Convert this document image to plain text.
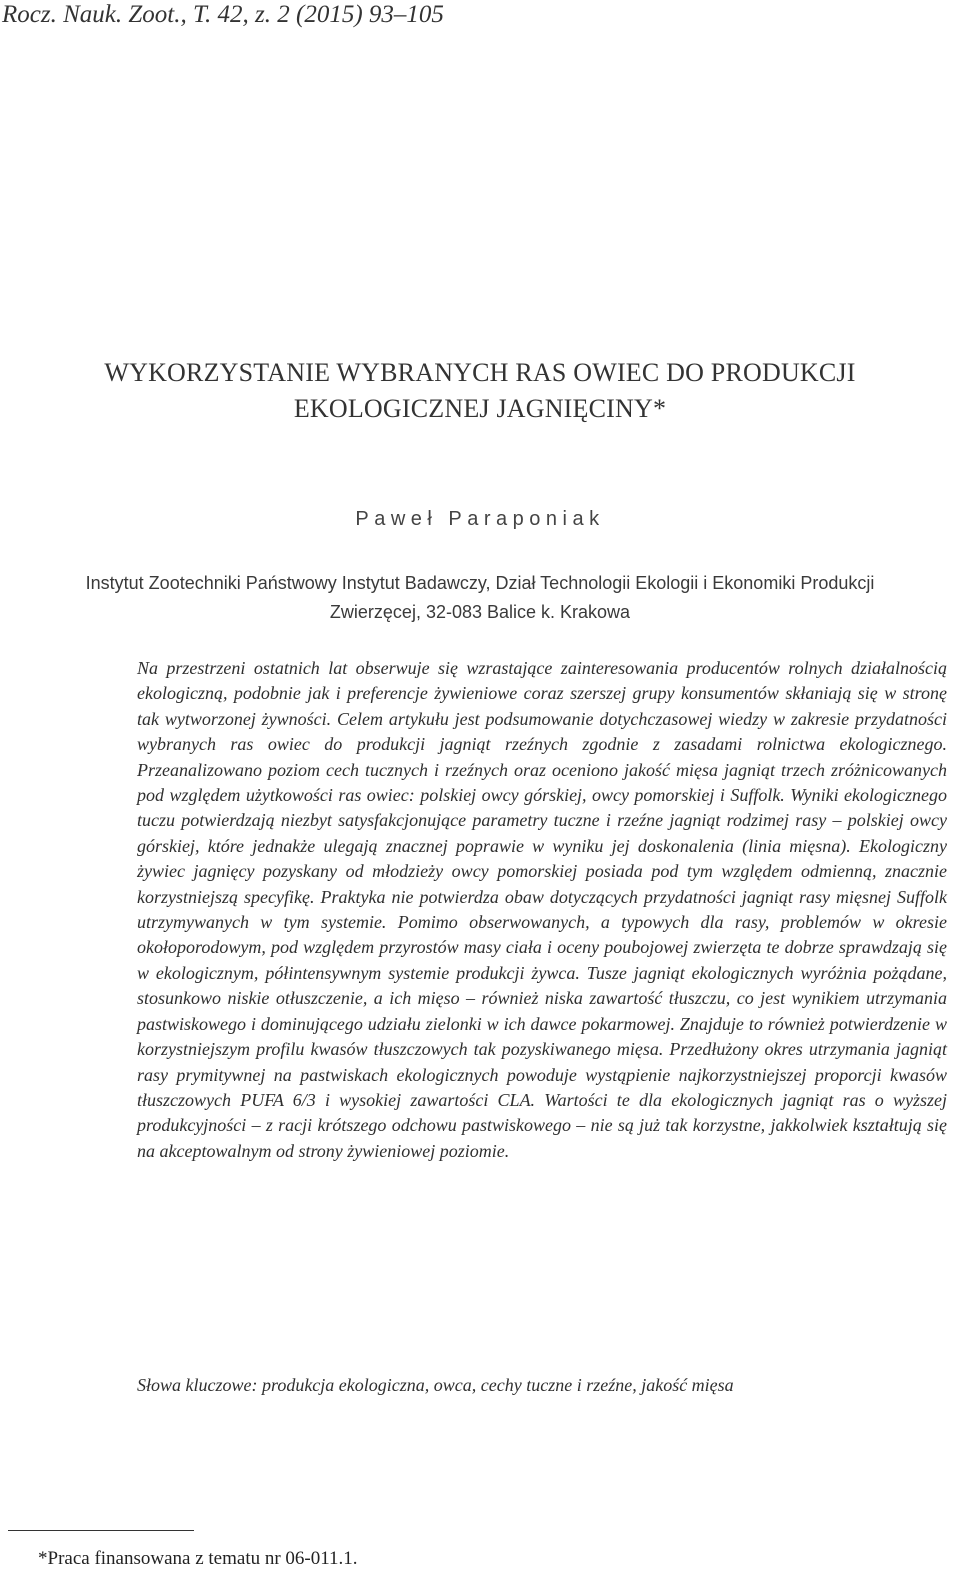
Rocz. Nauk. Zoot., T. 42, z. 2 (2015) 93–105
WYKORZYSTANIE WYBRANYCH RAS OWIEC DO PRODUKCJI
EKOLOGICZNEJ JAGNIĘCINY*
Paweł Paraponiak
Instytut Zootechniki Państwowy Instytut Badawczy, Dział Technologii Ekologii i Ekonomiki Produkcji
Zwierzęcej, 32-083 Balice k. Krakowa
Na przestrzeni ostatnich lat obserwuje się wzrastające zainteresowania producentów rolnych działalnością ekologiczną, podobnie jak i preferencje żywieniowe coraz szerszej grupy konsumentów skłaniają się w stronę tak wytworzonej żywności. Celem artykułu jest podsumowanie dotychczasowej wiedzy w zakresie przydatności wybranych ras owiec do produkcji jagniąt rzeźnych zgodnie z zasadami rolnictwa ekologicznego. Przeanalizowano poziom cech tucznych i rzeźnych oraz oceniono jakość mięsa jagniąt trzech zróżnicowanych pod względem użytkowości ras owiec: polskiej owcy górskiej, owcy pomorskiej i Suffolk. Wyniki ekologicznego tuczu potwierdzają niezbyt satysfakcjonujące parametry tuczne i rzeźne jagniąt rodzimej rasy – polskiej owcy górskiej, które jednakże ulegają znacznej poprawie w wyniku jej doskonalenia (linia mięsna). Ekologiczny żywiec jagnięcy pozyskany od młodzieży owcy pomorskiej posiada pod tym względem odmienną, znacznie korzystniejszą specyfikę. Praktyka nie potwierdza obaw dotyczących przydatności jagniąt rasy mięsnej Suffolk utrzymywanych w tym systemie. Pomimo obserwowanych, a typowych dla rasy, problemów w okresie okołoporodowym, pod względem przyrostów masy ciała i oceny poubojowej zwierzęta te dobrze sprawdzają się w ekologicznym, półintensywnym systemie produkcji żywca. Tusze jagniąt ekologicznych wyróżnia pożądane, stosunkowo niskie otłuszczenie, a ich mięso – również niska zawartość tłuszczu, co jest wynikiem utrzymania pastwiskowego i dominującego udziału zielonki w ich dawce pokarmowej. Znajduje to również potwierdzenie w korzystniejszym profilu kwasów tłuszczowych tak pozyskiwanego mięsa. Przedłużony okres utrzymania jagniąt rasy prymitywnej na pastwiskach ekologicznych powoduje wystąpienie najkorzystniejszej proporcji kwasów tłuszczowych PUFA 6/3 i wysokiej zawartości CLA. Wartości te dla ekologicznych jagniąt ras o wyższej produkcyjności – z racji krótszego odchowu pastwiskowego – nie są już tak korzystne, jakkolwiek kształtują się na akceptowalnym od strony żywieniowej poziomie.
Słowa kluczowe: produkcja ekologiczna, owca, cechy tuczne i rzeźne, jakość mięsa
*Praca finansowana z tematu nr 06-011.1.
